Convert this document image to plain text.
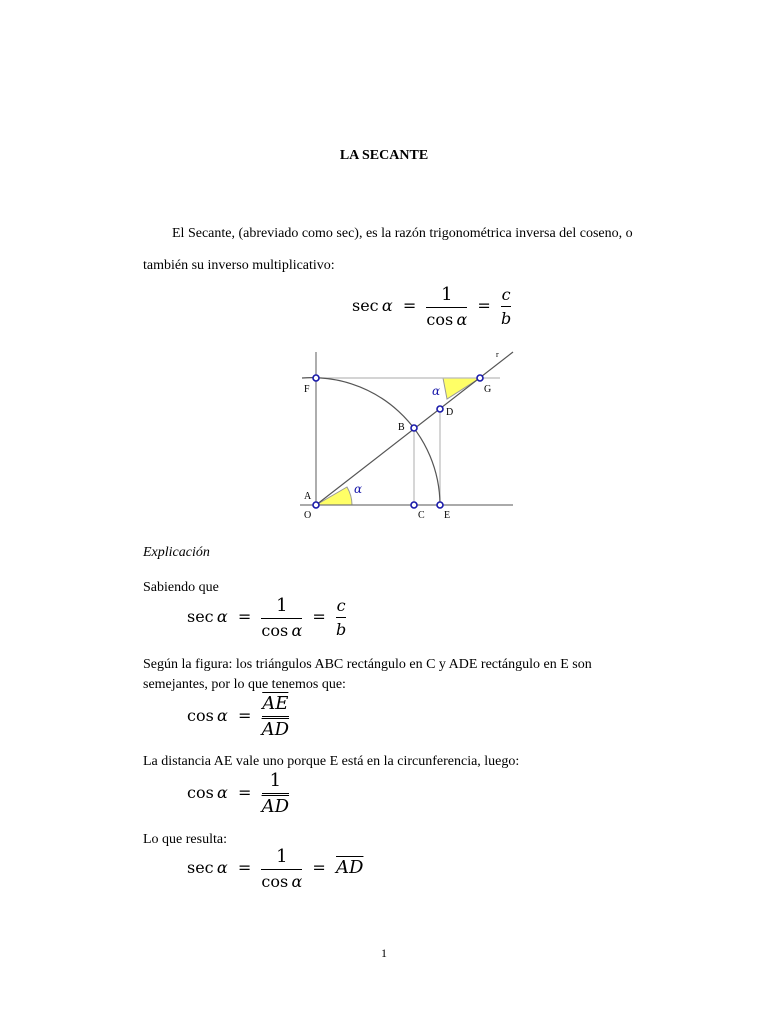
LA SECANTE
El Secante, (abreviado como sec), es la razón trigonométrica inversa del coseno, o también su inverso multiplicativo:
$\sec \alpha = \frac{1}{\text{cos  α}} = \frac{c}{b}$
F	G
D
B
A
O	C E
r
α
α
Explicación
Sabiendo que
$\sec \alpha = \frac{1}{\text{cos  α}} = \frac{c}{b}$
Según la figura: los triángulos ABC rectángulo en C y ADE rectángulo en E son semejantes, por lo que tenemos que:
$\cos \alpha = \frac{\overline{AE}}{AD}$
La distancia AE vale uno porque E está en la circunferencia, luego:
$\cos \alpha = \frac{1}{AD}$
Lo que resulta:
$\sec \alpha = \frac{1}{\text{cos  α}} = \overline{AD}$
1
